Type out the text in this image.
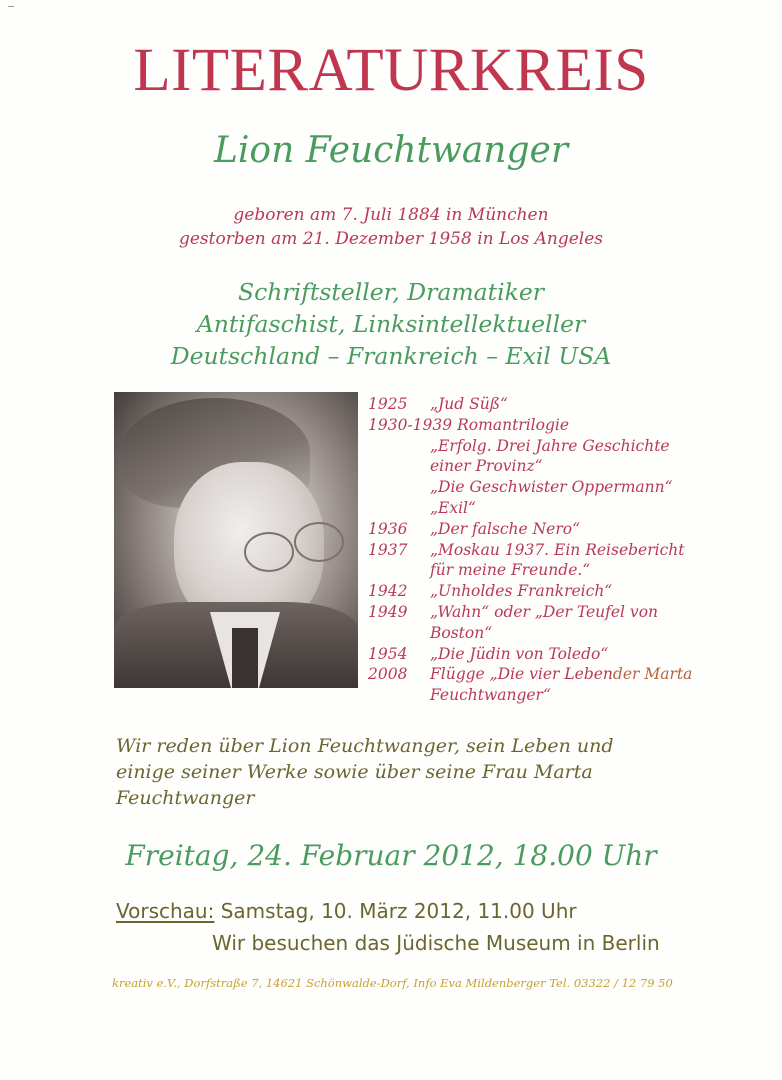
LITERATURKREIS
Lion Feuchtwanger
geboren am 7. Juli 1884 in München
gestorben am 21. Dezember 1958 in Los Angeles
Schriftsteller, Dramatiker
Antifaschist, Linksintellektueller
Deutschland – Frankreich – Exil USA
1925	„Jud Süß“
1930-1939 Romantrilogie
„Erfolg. Drei Jahre Geschichte
einer Provinz“
„Die Geschwister Oppermann“
„Exil“
1936	„Der falsche Nero“
1937	„Moskau 1937. Ein Reisebericht
für meine Freunde.“
1942	„Unholdes Frankreich“
1949	„Wahn“ oder „Der Teufel von
Boston“
1954	„Die Jüdin von Toledo“
2008	Flügge „Die vier Leben der Marta
Feuchtwanger“
Wir reden über Lion Feuchtwanger, sein Leben und
einige seiner Werke sowie über seine Frau Marta
Feuchtwanger
Freitag, 24. Februar 2012, 18.00 Uhr
Vorschau: Samstag, 10. März 2012, 11.00 Uhr
Wir besuchen das Jüdische Museum in Berlin
kreativ e.V., Dorfstraße 7, 14621 Schönwalde-Dorf, Info Eva Mildenberger Tel. 03322 / 12 79 50
